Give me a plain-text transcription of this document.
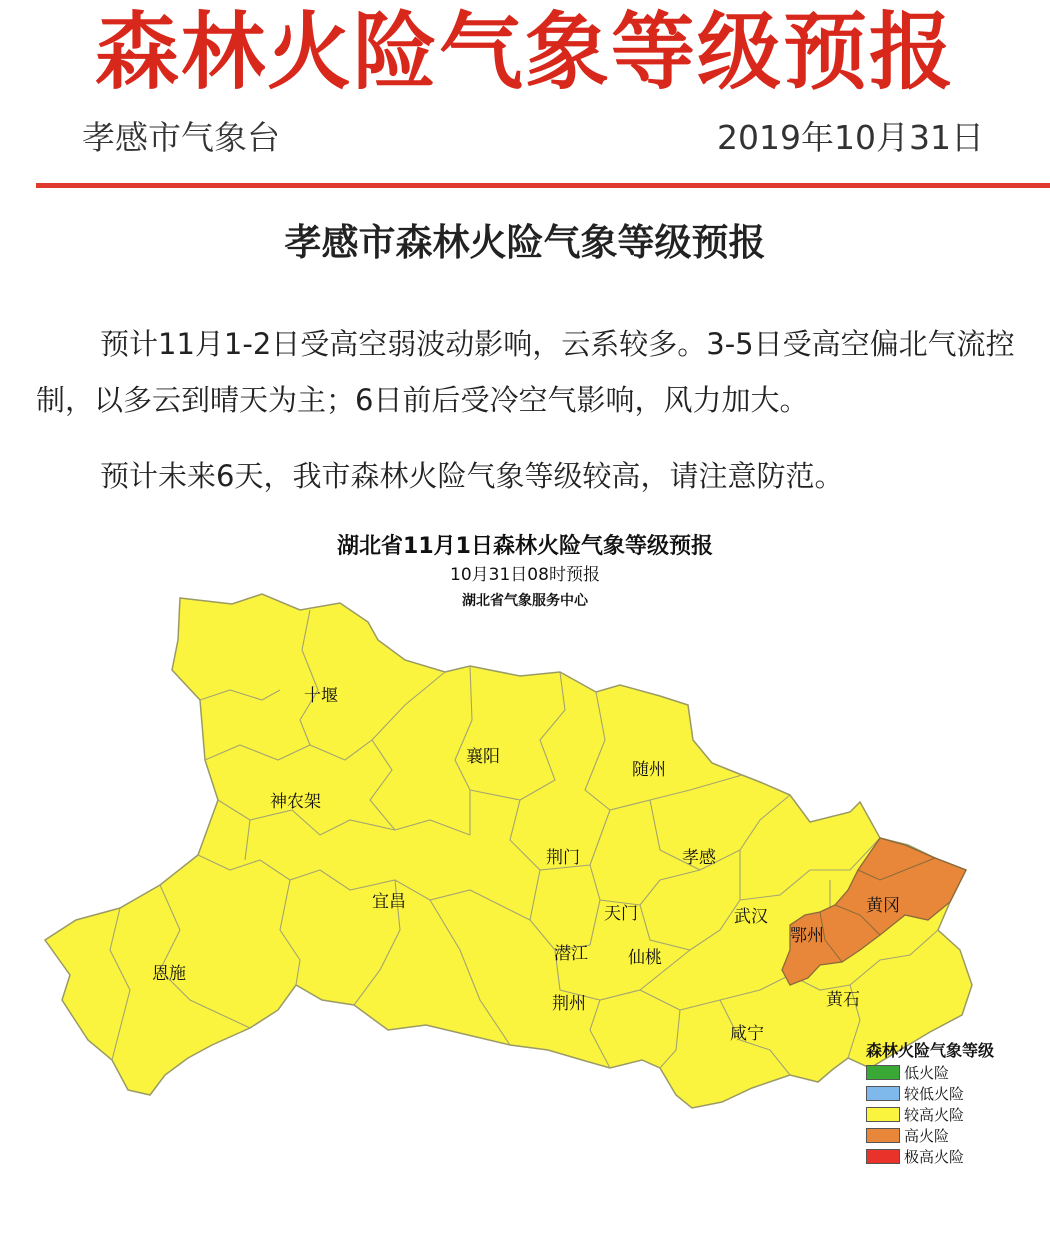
森林火险气象等级预报
孝感市气象台	2019年10月31日
孝感市森林火险气象等级预报

预计11月1-2日受高空弱波动影响，云系较多。3-5日受高空偏北气流控制，以多云到晴天为主；6日前后受冷空气影响，风力加大。

预计未来6天，我市森林火险气象等级较高，请注意防范。

湖北省11月1日森林火险气象等级预报
10月31日08时预报
湖北省气象服务中心
十堰
襄阳
随州
神农架
荆门	孝感
宜昌
天门	武汉
黄冈
鄂州
恩施
潜江 仙桃
荆州	黄石
咸宁
森林火险气象等级
低火险
较低火险
较高火险
高火险
极高火险
